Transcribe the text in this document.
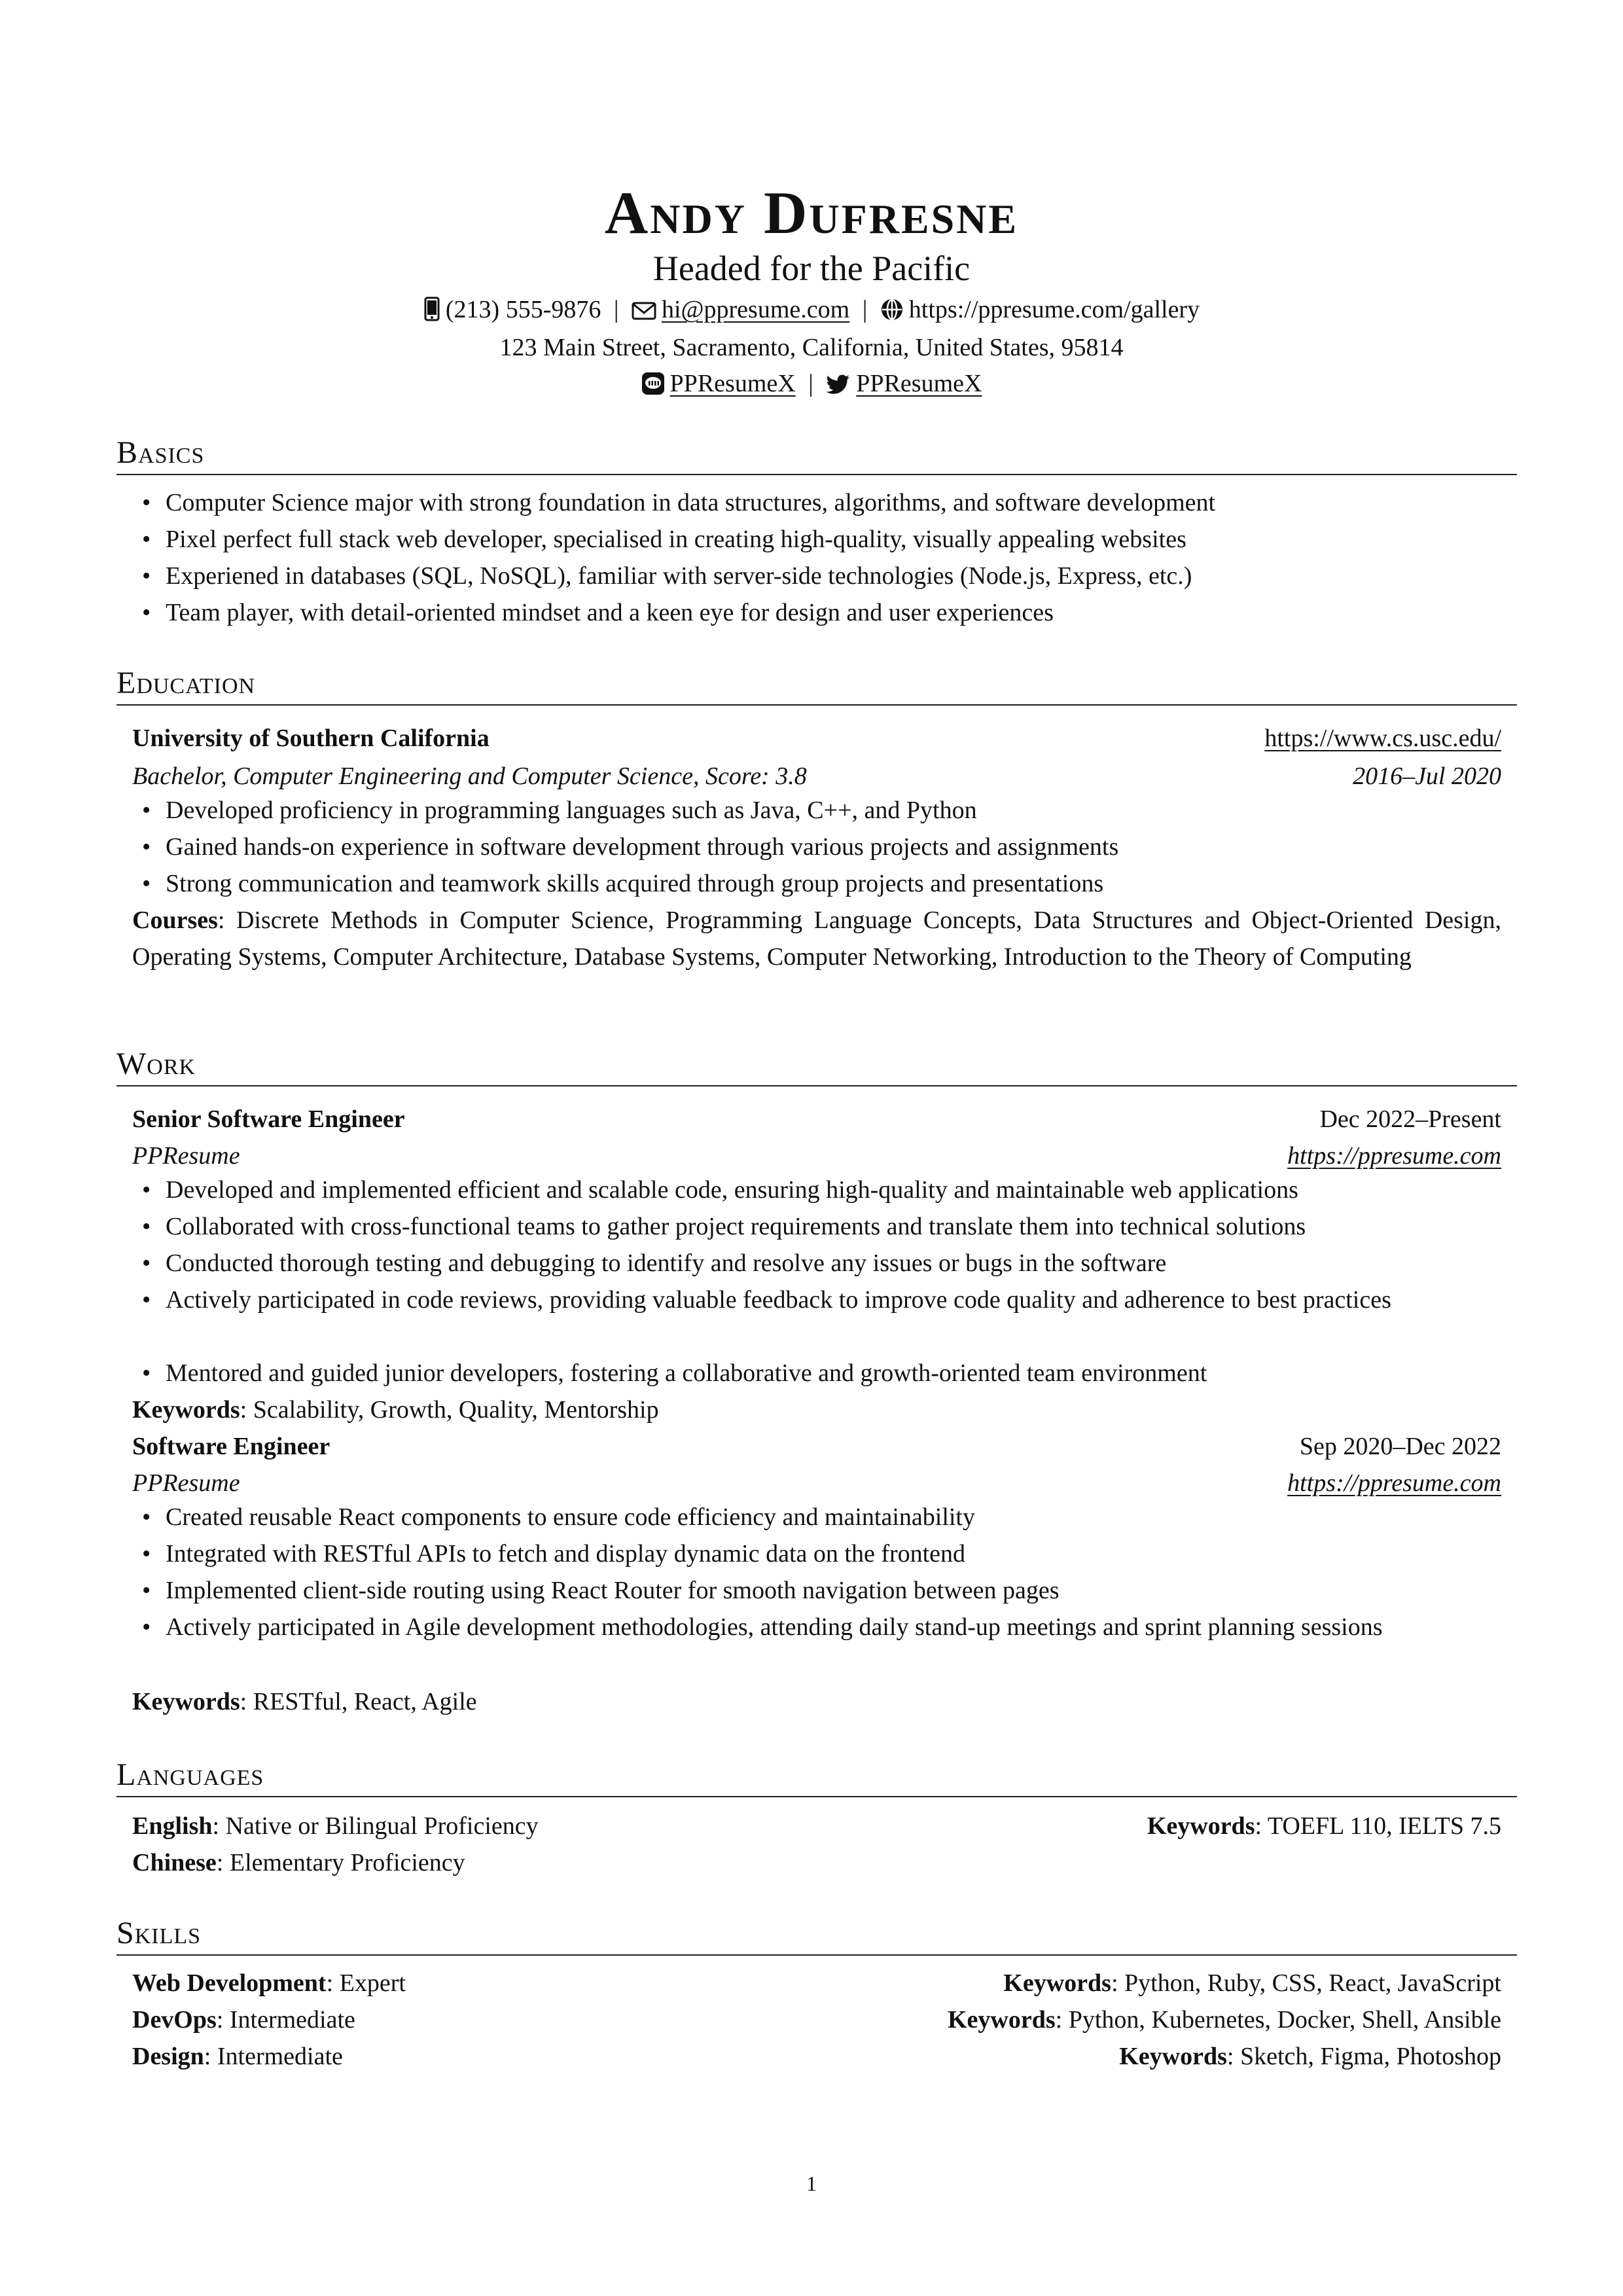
Andy Dufresne
Headed for the Pacific
(213) 555-9876 | hi@ppresume.com | https://ppresume.com/gallery
123 Main Street, Sacramento, California, United States, 95814
PPResumeX | PPResumeX
Basics
• Computer Science major with strong foundation in data structures, algorithms, and software development
• Pixel perfect full stack web developer, specialised in creating high-quality, visually appealing websites
• Experiened in databases (SQL, NoSQL), familiar with server-side technologies (Node.js, Express, etc.)
• Team player, with detail-oriented mindset and a keen eye for design and user experiences
Education
University of Southern California	https://www.cs.usc.edu/
Bachelor, Computer Engineering and Computer Science, Score: 3.8	2016–Jul 2020
• Developed proficiency in programming languages such as Java, C++, and Python
• Gained hands-on experience in software development through various projects and assignments
• Strong communication and teamwork skills acquired through group projects and presentations
Courses: Discrete Methods in Computer Science, Programming Language Concepts, Data Structures and Object-Oriented Design, Operating Systems, Computer Architecture, Database Systems, Computer Networking, Introduction to the Theory of Computing
Work
Senior Software Engineer	Dec 2022–Present
PPResume	https://ppresume.com
• Developed and implemented efficient and scalable code, ensuring high-quality and maintainable web applications
• Collaborated with cross-functional teams to gather project requirements and translate them into technical solutions
• Conducted thorough testing and debugging to identify and resolve any issues or bugs in the software
• Actively participated in code reviews, providing valuable feedback to improve code quality and adherence to best practices
• Mentored and guided junior developers, fostering a collaborative and growth-oriented team environment
Keywords: Scalability, Growth, Quality, Mentorship
Software Engineer	Sep 2020–Dec 2022
PPResume	https://ppresume.com
• Created reusable React components to ensure code efficiency and maintainability
• Integrated with RESTful APIs to fetch and display dynamic data on the frontend
• Implemented client-side routing using React Router for smooth navigation between pages
• Actively participated in Agile development methodologies, attending daily stand-up meetings and sprint planning sessions
Keywords: RESTful, React, Agile
Languages
English: Native or Bilingual Proficiency	Keywords: TOEFL 110, IELTS 7.5
Chinese: Elementary Proficiency
Skills
Web Development: Expert	Keywords: Python, Ruby, CSS, React, JavaScript
DevOps: Intermediate	Keywords: Python, Kubernetes, Docker, Shell, Ansible
Design: Intermediate	Keywords: Sketch, Figma, Photoshop
1
